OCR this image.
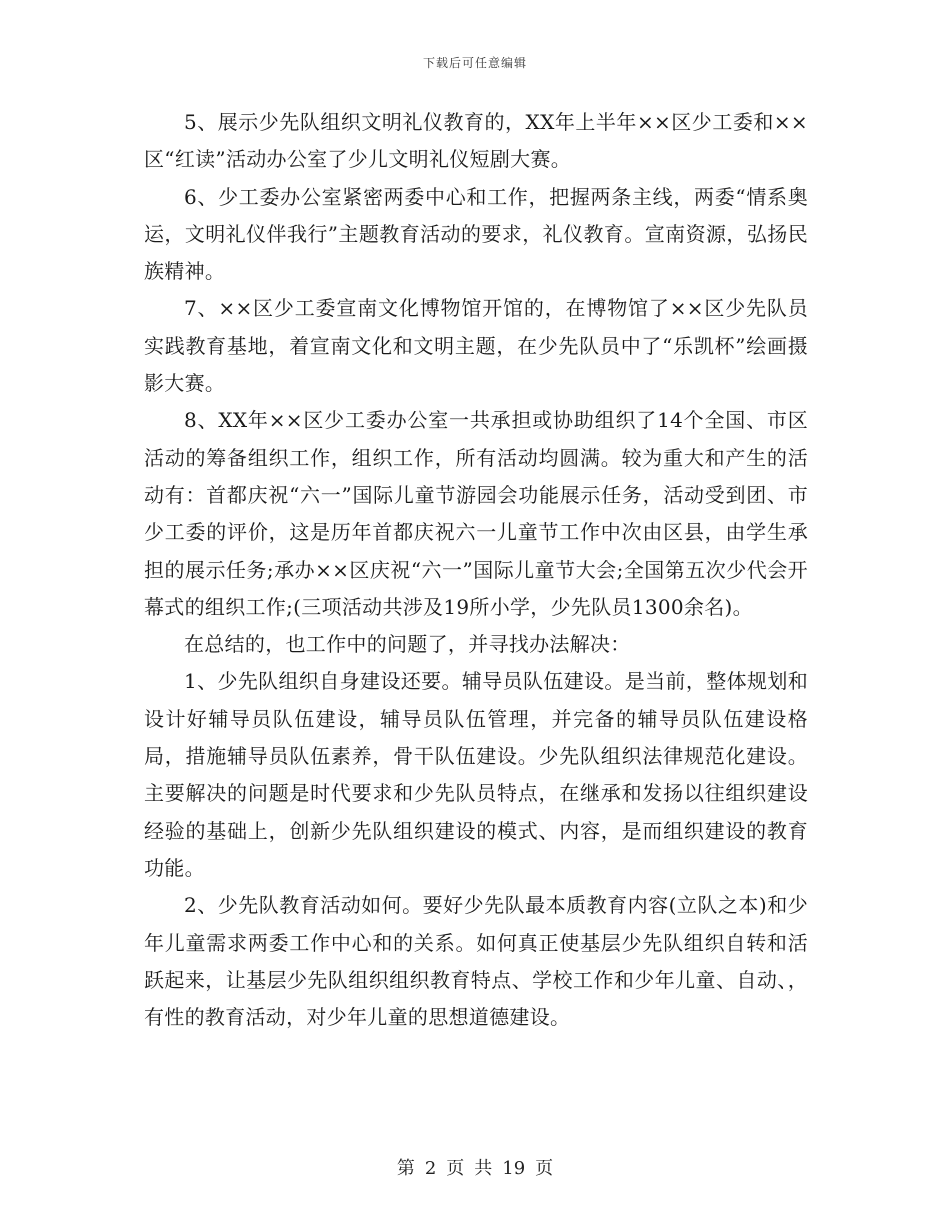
下载后可任意编辑

5、展示少先队组织文明礼仪教育的，XX年上半年××区少工委和××区“红读”活动办公室了少儿文明礼仪短剧大赛。

6、少工委办公室紧密两委中心和工作，把握两条主线，两委“情系奥运，文明礼仪伴我行”主题教育活动的要求，礼仪教育。宣南资源，弘扬民族精神。

7、××区少工委宣南文化博物馆开馆的，在博物馆了××区少先队员实践教育基地，着宣南文化和文明主题，在少先队员中了“乐凯杯”绘画摄影大赛。

8、XX年××区少工委办公室一共承担或协助组织了14个全国、市区活动的筹备组织工作，组织工作，所有活动均圆满。较为重大和产生的活动有：首都庆祝“六一”国际儿童节游园会功能展示任务，活动受到团、市少工委的评价，这是历年首都庆祝六一儿童节工作中次由区县，由学生承担的展示任务;承办××区庆祝“六一”国际儿童节大会;全国第五次少代会开幕式的组织工作;(三项活动共涉及19所小学，少先队员1300余名)。

在总结的，也工作中的问题了，并寻找办法解决：

1、少先队组织自身建设还要。辅导员队伍建设。是当前，整体规划和设计好辅导员队伍建设，辅导员队伍管理，并完备的辅导员队伍建设格局，措施辅导员队伍素养，骨干队伍建设。少先队组织法律规范化建设。主要解决的问题是时代要求和少先队员特点，在继承和发扬以往组织建设经验的基础上，创新少先队组织建设的模式、内容，是而组织建设的教育功能。

2、少先队教育活动如何。要好少先队最本质教育内容(立队之本)和少年儿童需求两委工作中心和的关系。如何真正使基层少先队组织自转和活跃起来，让基层少先队组织组织教育特点、学校工作和少年儿童、自动、，有性的教育活动，对少年儿童的思想道德建设。

第 2 页 共 19 页
